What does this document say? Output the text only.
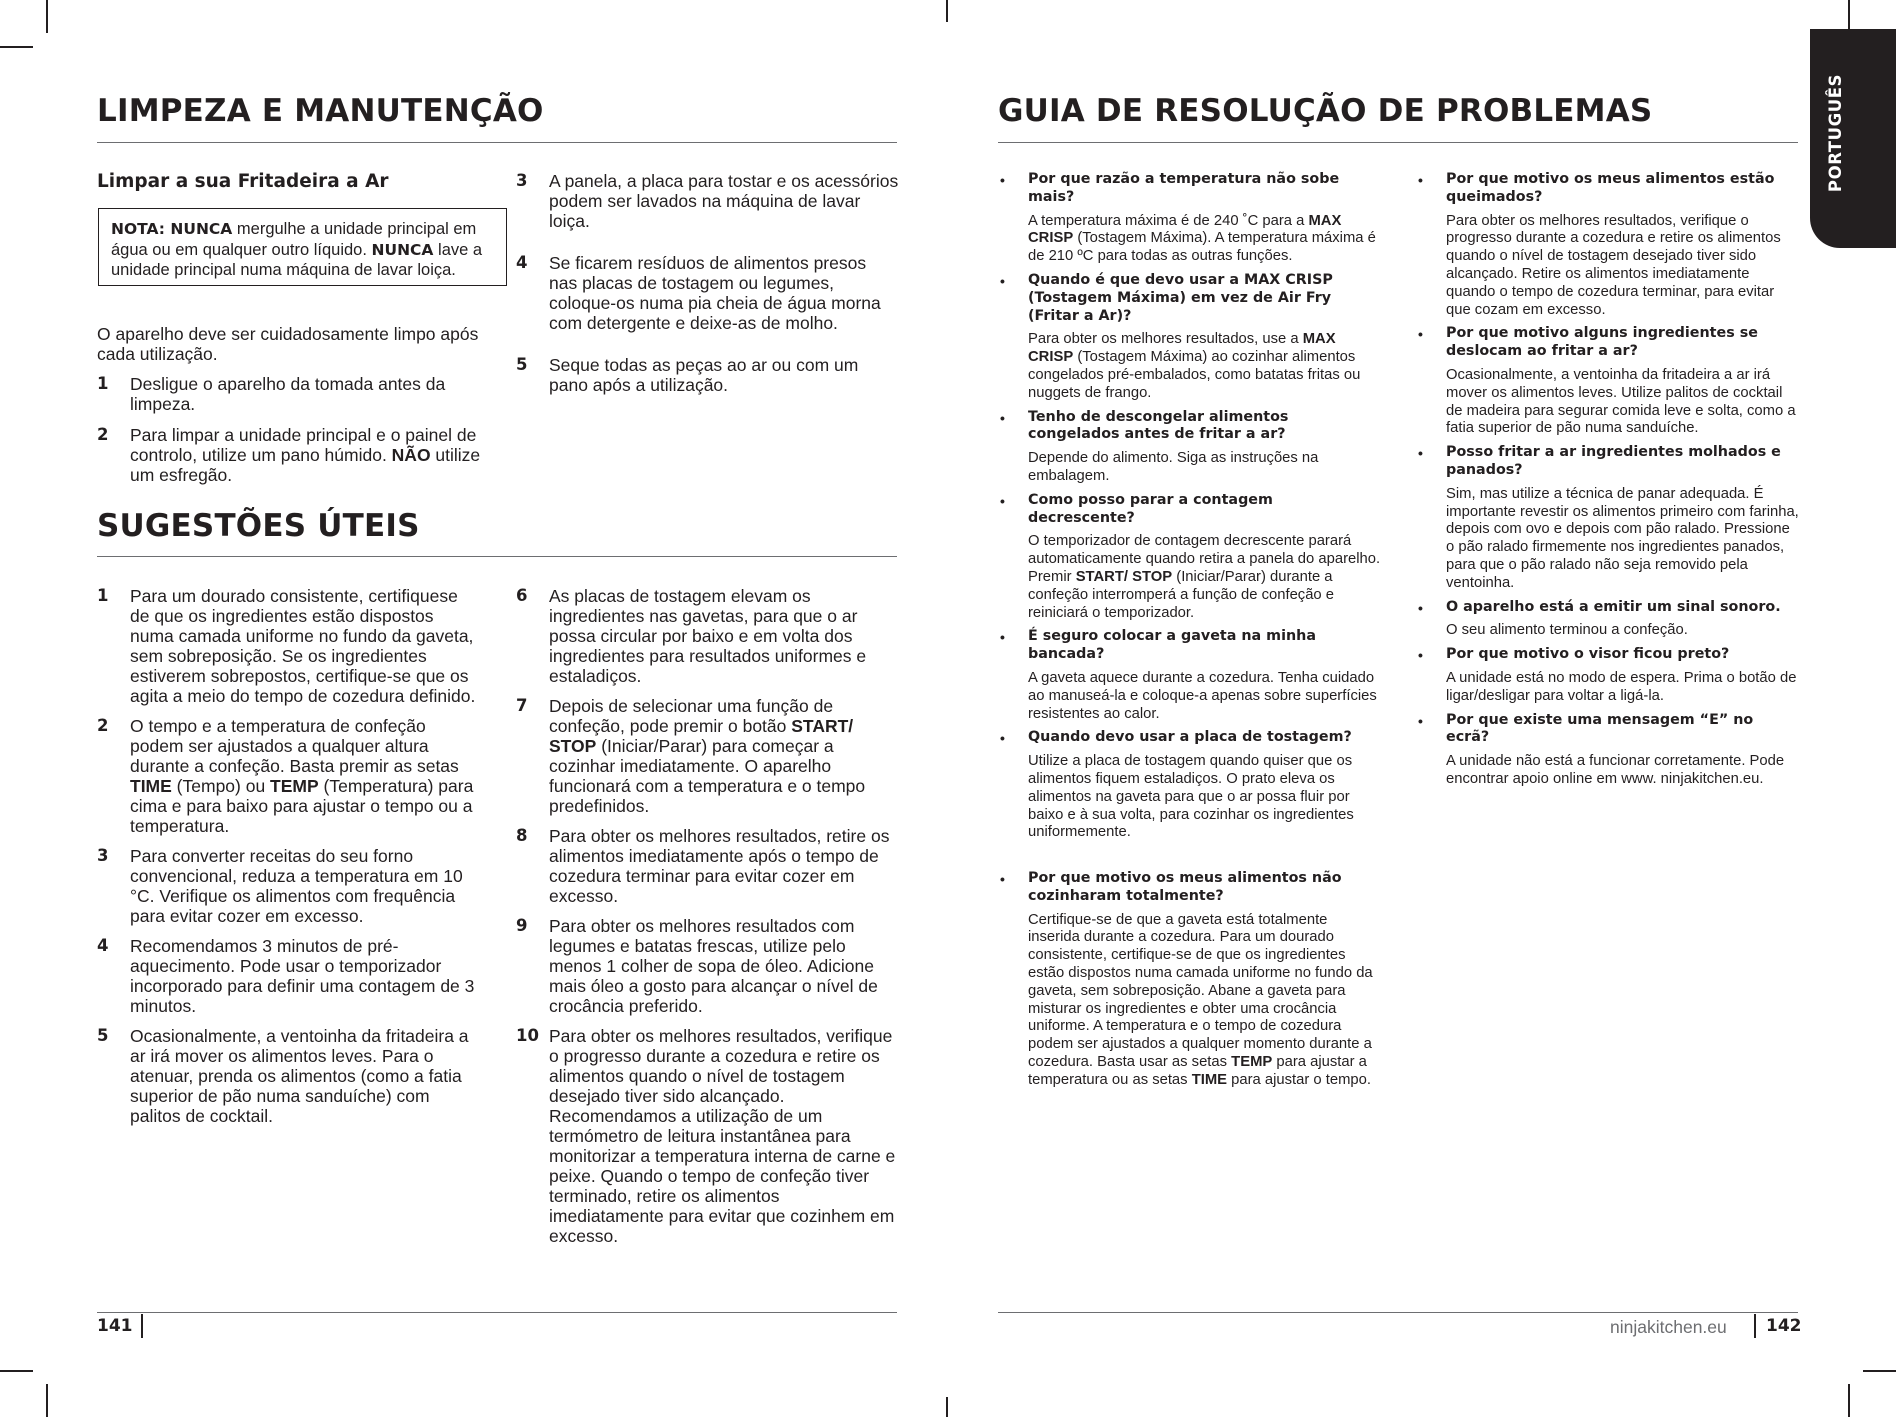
LIMPEZA E MANUTENÇÃO
Limpar a sua Fritadeira a Ar
NOTA: NUNCA mergulhe a unidade principal em água ou em qualquer outro líquido. NUNCA lave a unidade principal numa máquina de lavar loiça.

O aparelho deve ser cuidadosamente limpo após cada utilização.

1 Desligue o aparelho da tomada antes da limpeza.
2 Para limpar a unidade principal e o painel de controlo, utilize um pano húmido. NÃO utilize um esfregão.
3 A panela, a placa para tostar e os acessórios podem ser lavados na máquina de lavar loiça.
4 Se ficarem resíduos de alimentos presos nas placas de tostagem ou legumes, coloque-os numa pia cheia de água morna com detergente e deixe-as de molho.
5 Seque todas as peças ao ar ou com um pano após a utilização.
SUGESTÕES ÚTEIS
1 Para um dourado consistente, certifiquese de que os ingredientes estão dispostos numa camada uniforme no fundo da gaveta, sem sobreposição. Se os ingredientes estiverem sobrepostos, certifique-se que os agita a meio do tempo de cozedura definido.
2 O tempo e a temperatura de confeção podem ser ajustados a qualquer altura durante a confeção. Basta premir as setas TIME (Tempo) ou TEMP (Temperatura) para cima e para baixo para ajustar o tempo ou a temperatura.
3 Para converter receitas do seu forno convencional, reduza a temperatura em 10 °C. Verifique os alimentos com frequência para evitar cozer em excesso.
4 Recomendamos 3 minutos de pré-aquecimento. Pode usar o temporizador incorporado para definir uma contagem de 3 minutos.
5 Ocasionalmente, a ventoinha da fritadeira a ar irá mover os alimentos leves. Para o atenuar, prenda os alimentos (como a fatia superior de pão numa sanduíche) com palitos de cocktail.
6 As placas de tostagem elevam os ingredientes nas gavetas, para que o ar possa circular por baixo e em volta dos ingredientes para resultados uniformes e estaladiços.
7 Depois de selecionar uma função de confeção, pode premir o botão START/ STOP (Iniciar/Parar) para começar a cozinhar imediatamente. O aparelho funcionará com a temperatura e o tempo predefinidos.
8 Para obter os melhores resultados, retire os alimentos imediatamente após o tempo de cozedura terminar para evitar cozer em excesso.
9 Para obter os melhores resultados com legumes e batatas frescas, utilize pelo menos 1 colher de sopa de óleo. Adicione mais óleo a gosto para alcançar o nível de crocância preferido.
10 Para obter os melhores resultados, verifique o progresso durante a cozedura e retire os alimentos quando o nível de tostagem desejado tiver sido alcançado. Recomendamos a utilização de um termómetro de leitura instantânea para monitorizar a temperatura interna de carne e peixe. Quando o tempo de confeção tiver terminado, retire os alimentos imediatamente para evitar que cozinhem em excesso.
141
GUIA DE RESOLUÇÃO DE PROBLEMAS	PORTUGUÊS
• Por que razão a temperatura não sobe mais?
A temperatura máxima é de 240 ˚C para a MAX CRISP (Tostagem Máxima). A temperatura máxima é de 210 ºC para todas as outras funções.
• Quando é que devo usar a MAX CRISP (Tostagem Máxima) em vez de Air Fry (Fritar a Ar)?
Para obter os melhores resultados, use a MAX CRISP (Tostagem Máxima) ao cozinhar alimentos congelados pré-embalados, como batatas fritas ou nuggets de frango.
• Tenho de descongelar alimentos congelados antes de fritar a ar?
Depende do alimento. Siga as instruções na embalagem.
• Como posso parar a contagem decrescente?
O temporizador de contagem decrescente parará automaticamente quando retira a panela do aparelho. Premir START/ STOP (Iniciar/Parar) durante a confeção interromperá a função de confeção e reiniciará o temporizador.
• É seguro colocar a gaveta na minha bancada?
A gaveta aquece durante a cozedura. Tenha cuidado ao manuseá-la e coloque-a apenas sobre superfícies resistentes ao calor.
• Quando devo usar a placa de tostagem?
Utilize a placa de tostagem quando quiser que os alimentos fiquem estaladiços. O prato eleva os alimentos na gaveta para que o ar possa fluir por baixo e à sua volta, para cozinhar os ingredientes uniformemente.
• Por que motivo os meus alimentos não cozinharam totalmente?
Certifique-se de que a gaveta está totalmente inserida durante a cozedura. Para um dourado consistente, certifique-se de que os ingredientes estão dispostos numa camada uniforme no fundo da gaveta, sem sobreposição. Abane a gaveta para misturar os ingredientes e obter uma crocância uniforme. A temperatura e o tempo de cozedura podem ser ajustados a qualquer momento durante a cozedura. Basta usar as setas TEMP para ajustar a temperatura ou as setas TIME para ajustar o tempo.
• Por que motivo os meus alimentos estão queimados?
Para obter os melhores resultados, verifique o progresso durante a cozedura e retire os alimentos quando o nível de tostagem desejado tiver sido alcançado. Retire os alimentos imediatamente quando o tempo de cozedura terminar, para evitar que cozam em excesso.
• Por que motivo alguns ingredientes se deslocam ao fritar a ar?
Ocasionalmente, a ventoinha da fritadeira a ar irá mover os alimentos leves. Utilize palitos de cocktail de madeira para segurar comida leve e solta, como a fatia superior de pão numa sanduíche.
• Posso fritar a ar ingredientes molhados e panados?
Sim, mas utilize a técnica de panar adequada. É importante revestir os alimentos primeiro com farinha, depois com ovo e depois com pão ralado. Pressione o pão ralado firmemente nos ingredientes panados, para que o pão ralado não seja removido pela ventoinha.
• O aparelho está a emitir um sinal sonoro.
O seu alimento terminou a confeção.
• Por que motivo o visor ficou preto?
A unidade está no modo de espera. Prima o botão de ligar/desligar para voltar a ligá-la.
• Por que existe uma mensagem “E” no ecrã?
A unidade não está a funcionar corretamente. Pode encontrar apoio online em www. ninjakitchen.eu.
ninjakitchen.eu 142
